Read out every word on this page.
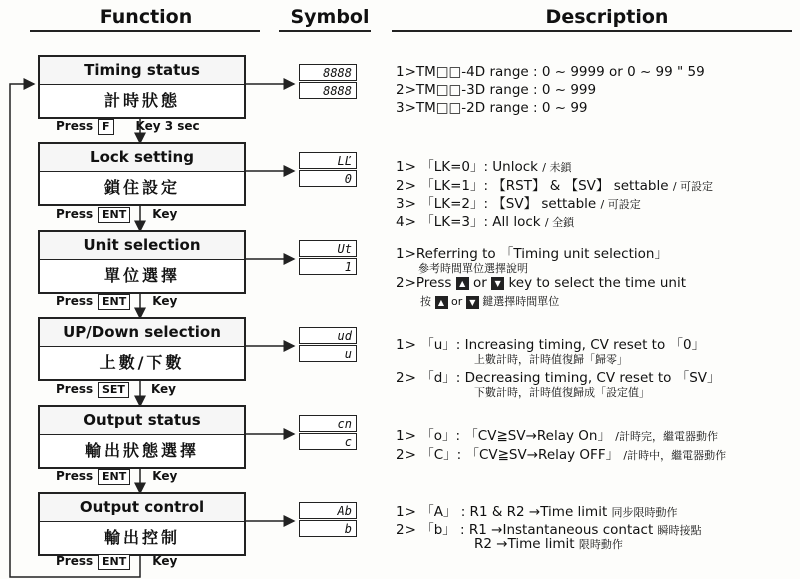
Function	Symbol	Description
Timing status
計時狀態
Lock setting
鎖住設定
Unit selection
單位選擇
UP/Down selection
上數/下數
Output status
輸出狀態選擇
Output control
輸出控制
Press F Key 3 sec
Press ENT Key
Press ENT Key
Press SET Key
Press ENT Key
Press ENT Key
8888
8888
LĽ
0
Ut
1
ud
u
cn
c
Ab
b
1>TM□□-4D range : 0 ~ 9999 or 0 ~ 99 " 59
2>TM□□-3D range : 0 ~ 999
3>TM□□-2D range : 0 ~ 99
1> 「LK=0」: Unlock / 未鎖
2> 「LK=1」: 【RST】 & 【SV】 settable / 可設定
3> 「LK=2」: 【SV】 settable / 可設定
4> 「LK=3」: All lock / 全鎖
1>Referring to 「Timing unit selection」
參考時間單位選擇說明
2>Press ▲ or ▼ key to select the time unit
按 ▲ or ▼ 鍵選擇時間單位
1> 「u」: Increasing timing, CV reset to 「0」
上數計時，計時值復歸「歸零」
2> 「d」: Decreasing timing, CV reset to 「SV」
下數計時，計時值復歸成「設定值」
1> 「o」: 「CV≧SV→Relay On」 /計時完，繼電器動作
2> 「C」: 「CV≧SV→Relay OFF」 /計時中，繼電器動作
1> 「A」 : R1 & R2 →Time limit 同步限時動作
2> 「b」 : R1 →Instantaneous contact 瞬時接點
R2 →Time limit 限時動作
